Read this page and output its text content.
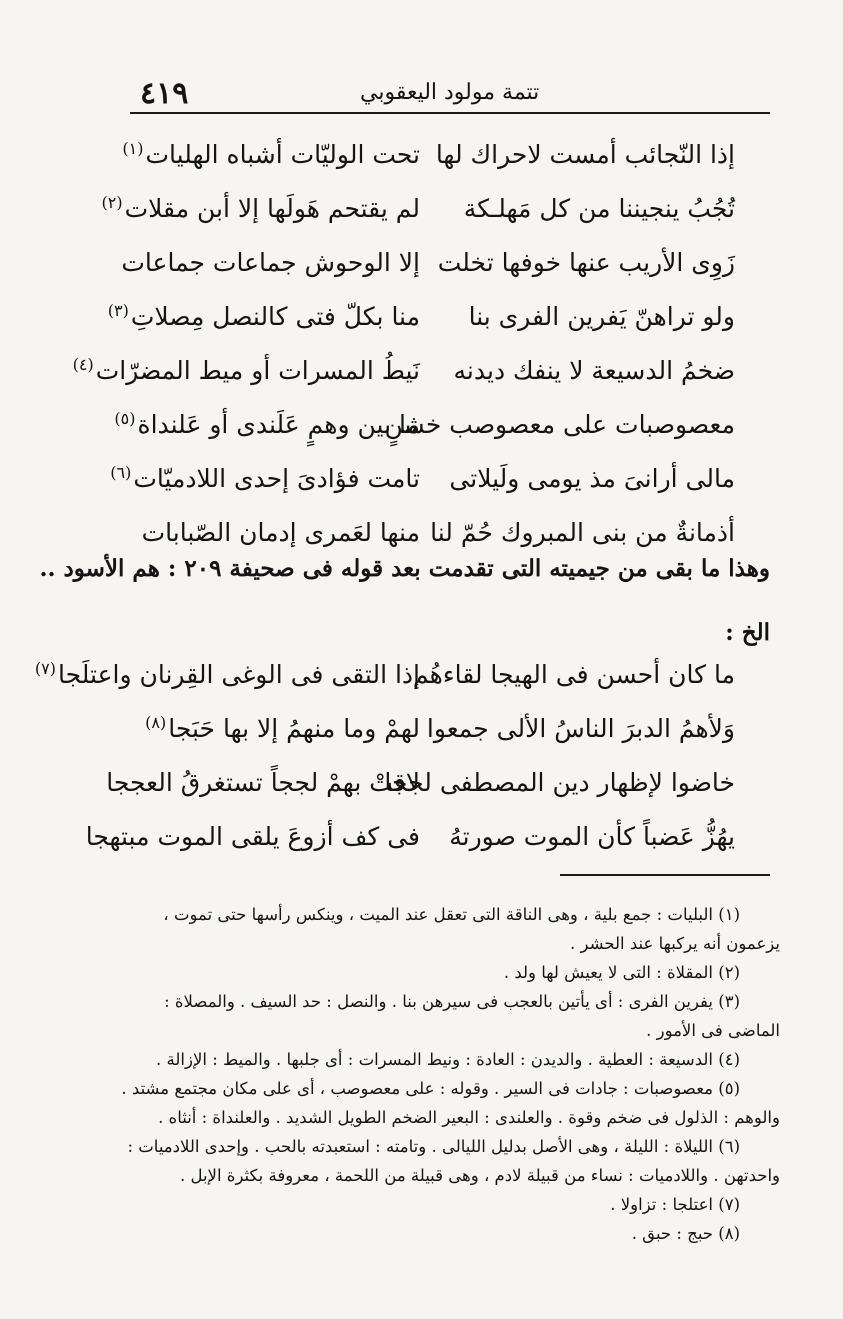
٤١٩	تتمة مولود اليعقوبي
إذا النّجائب أمست لاحراك لها
تحت الوليّات أشباه الهليات$^{(١)}$
تُجُبُ ينجيننا من كل مَهلـكة
لم يقتحم هَولَها إلا أبن مقلات$^{(٢)}$
زَوِى الأريب عنها خوفها تخلت
إلا الوحوش جماعات جماعات
ولو تراهنّ يَفرين الفرى بنا
منا بكلّ فتى كالنصل مِصلاتِ$^{(٣)}$
ضخمُ الدسيعة لا ينفك ديدنه
نَيطُ المسرات أو ميط المضرّات$^{(٤)}$
معصوصبات على معصوصب خشنٍ
ما بين وهمٍ عَلَندى أو عَلنداة$^{(٥)}$
مالى أرانىَ مذ يومى ولَيلاتى
تامت فؤادىَ إحدى اللادميّات$^{(٦)}$
أذمانةٌ من بنى المبروك حُمّ لنا
منها لعَمرى إدمان الصّبابات
وهذا ما بقى من جيميته التى تقدمت بعد قوله فى صحيفة ٢٠٩ : هم الأسود ..
الخ :
ما كان أحسن فى الهيجا لقاءهُم
إذا التقى فى الوغى القِرنان واعتلَجا$^{(٧)}$
وَلأهمُ الدبرَ الناسُ الألى جمعوا
لهمْ وما منهمُ إلا بها حَبَجا$^{(٨)}$
خاضوا لإظهار دين المصطفى لججا
لاقتْ بهمْ لججاً تستغرقُ العججا
يهُزُّ عَضباً كأن الموت صورتهُ
فى كف أزوعَ يلقى الموت مبتهجا
(١) البليات : جمع بلية ، وهى الناقة التى تعقل عند الميت ، وينكس رأسها حتى تموت ،
يزعمون أنه يركبها عند الحشر .
(٢) المقلاة : التى لا يعيش لها ولد .
(٣) يفرين الفرى : أى يأتين بالعجب فى سيرهن بنا . والنصل : حد السيف . والمصلاة :
الماضى فى الأمور .
(٤) الدسيعة : العطية . والديدن : العادة : ونيط المسرات : أى جلبها . والميط : الإزالة .
(٥) معصوصبات : جادات فى السير . وقوله : على معصوصب ، أى على مكان مجتمع مشتد .
والوهم : الذلول فى ضخم وقوة . والعلندى : البعير الضخم الطويل الشديد . والعلنداة : أنثاه .
(٦) الليلاة : الليلة ، وهى الأصل بدليل الليالى . وتامته : استعبدته بالحب . وإحدى اللادميات :
واحدتهن . واللادميات : نساء من قبيلة لادم ، وهى قبيلة من اللحمة ، معروفة بكثرة الإبل .
(٧) اعتلجا : تزاولا .
(٨) حبج : حبق .
